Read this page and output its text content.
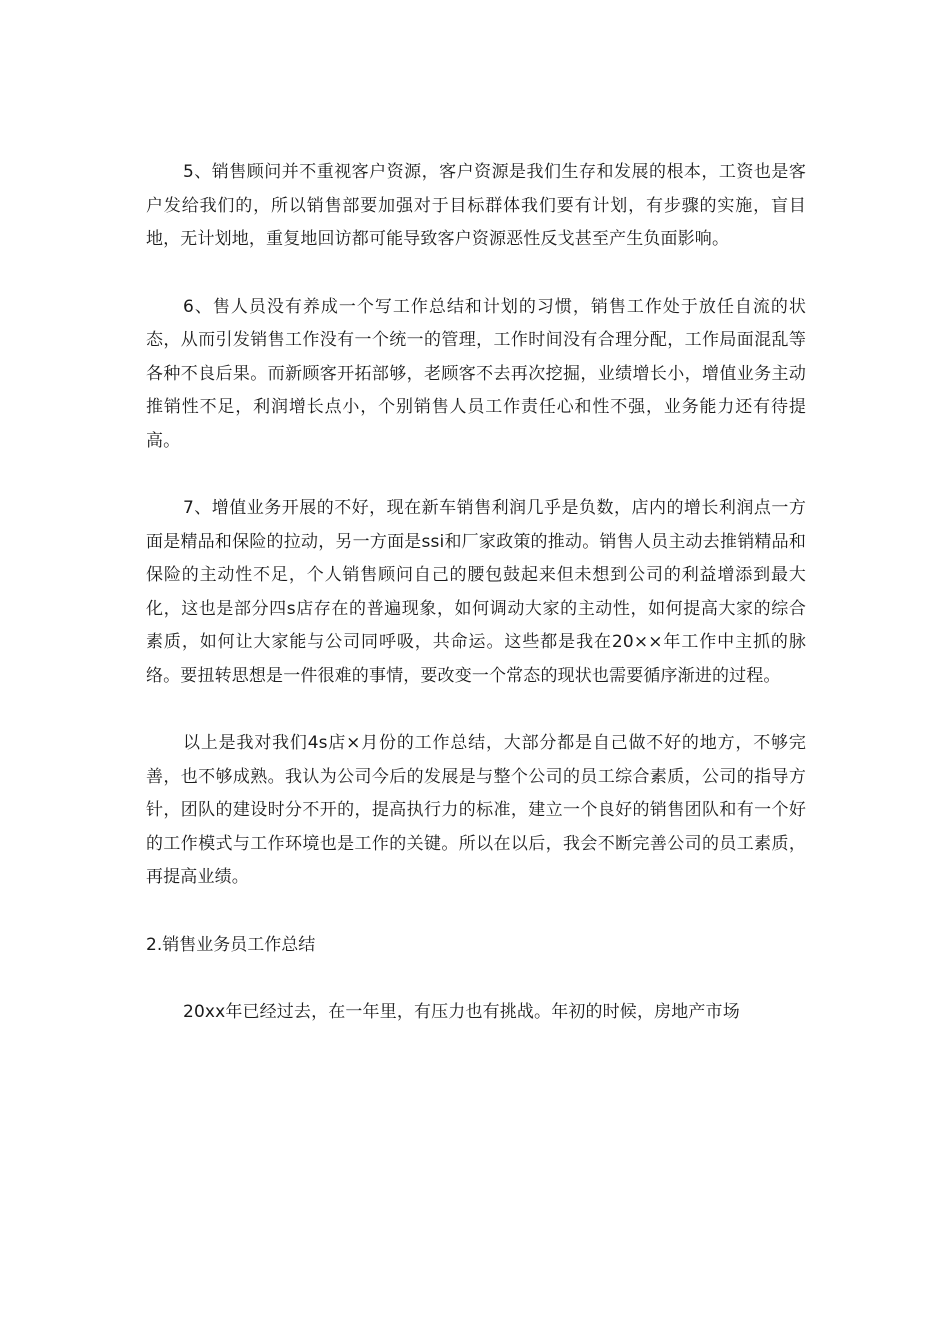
5、销售顾问并不重视客户资源，客户资源是我们生存和发展的根本，工资也是客户发给我们的，所以销售部要加强对于目标群体我们要有计划，有步骤的实施，盲目地，无计划地，重复地回访都可能导致客户资源恶性反戈甚至产生负面影响。

6、售人员没有养成一个写工作总结和计划的习惯，销售工作处于放任自流的状态，从而引发销售工作没有一个统一的管理，工作时间没有合理分配，工作局面混乱等各种不良后果。而新顾客开拓部够，老顾客不去再次挖掘，业绩增长小，增值业务主动推销性不足，利润增长点小，个别销售人员工作责任心和性不强，业务能力还有待提高。

7、增值业务开展的不好，现在新车销售利润几乎是负数，店内的增长利润点一方面是精品和保险的拉动，另一方面是ssi和厂家政策的推动。销售人员主动去推销精品和保险的主动性不足，个人销售顾问自己的腰包鼓起来但未想到公司的利益增添到最大化，这也是部分四s店存在的普遍现象，如何调动大家的主动性，如何提高大家的综合素质，如何让大家能与公司同呼吸，共命运。这些都是我在20××年工作中主抓的脉络。要扭转思想是一件很难的事情，要改变一个常态的现状也需要循序渐进的过程。

以上是我对我们4s店×月份的工作总结，大部分都是自己做不好的地方，不够完善，也不够成熟。我认为公司今后的发展是与整个公司的员工综合素质，公司的指导方针，团队的建设时分不开的，提高执行力的标准，建立一个良好的销售团队和有一个好的工作模式与工作环境也是工作的关键。所以在以后，我会不断完善公司的员工素质，再提高业绩。

2.销售业务员工作总结

20xx年已经过去，在一年里，有压力也有挑战。年初的时候，房地产市场
